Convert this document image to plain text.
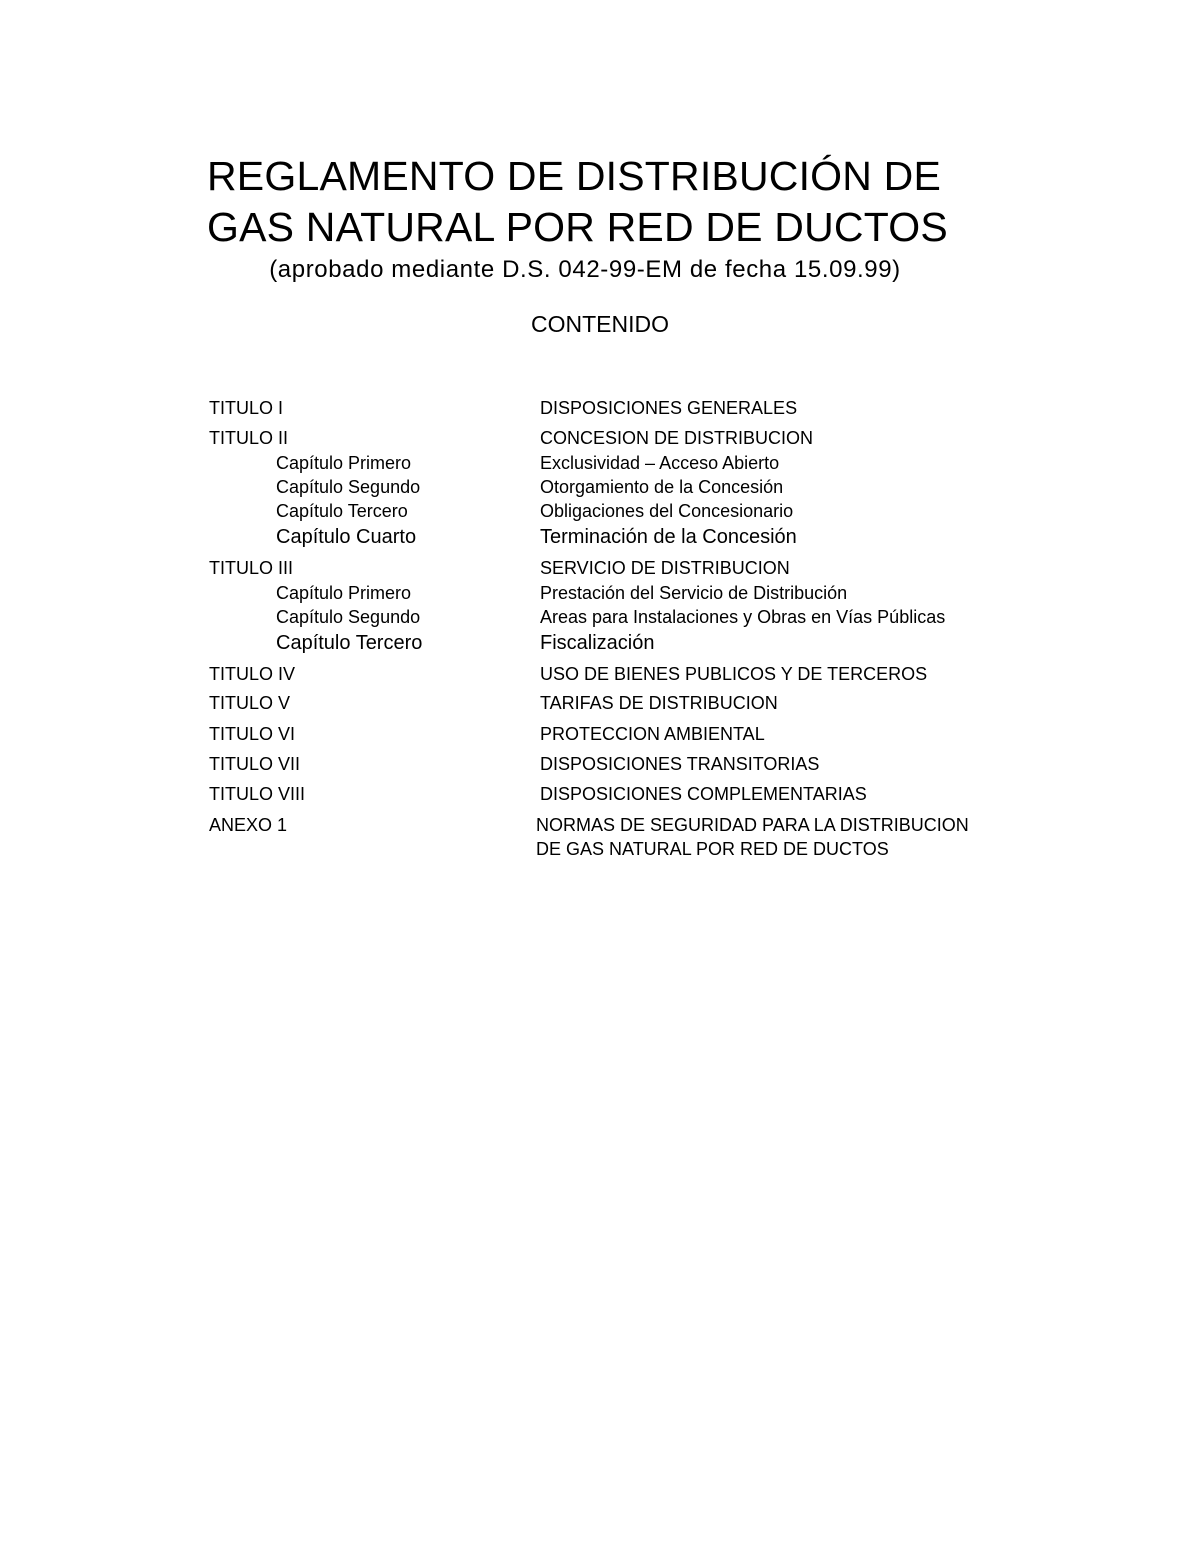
REGLAMENTO DE DISTRIBUCIÓN DE
GAS NATURAL POR RED DE DUCTOS
(aprobado mediante D.S. 042-99-EM de fecha 15.09.99)
CONTENIDO
TITULO I	DISPOSICIONES GENERALES
TITULO II	CONCESION DE DISTRIBUCION
Capítulo Primero	Exclusividad – Acceso Abierto
Capítulo Segundo	Otorgamiento de la Concesión
Capítulo Tercero	Obligaciones del Concesionario
Capítulo Cuarto	Terminación de la Concesión
TITULO III	SERVICIO DE DISTRIBUCION
Capítulo Primero	Prestación del Servicio de Distribución
Capítulo Segundo	Areas para Instalaciones y Obras en Vías Públicas
Capítulo Tercero	Fiscalización
TITULO IV	USO DE BIENES PUBLICOS Y DE TERCEROS
TITULO V	TARIFAS DE DISTRIBUCION
TITULO VI	PROTECCION AMBIENTAL
TITULO VII	DISPOSICIONES TRANSITORIAS
TITULO VIII	DISPOSICIONES COMPLEMENTARIAS
ANEXO 1	NORMAS DE SEGURIDAD PARA LA DISTRIBUCION
DE GAS NATURAL POR RED DE DUCTOS
